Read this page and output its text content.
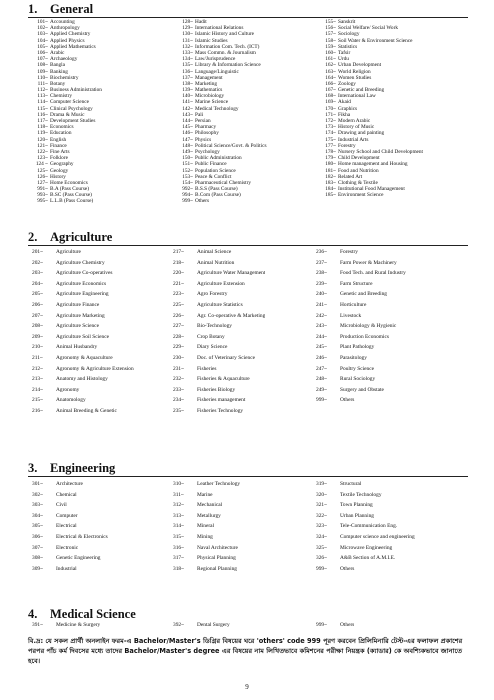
1. General
101~ Accounting
102~ Anthropology
103~ Applied Chemistry
104~ Applied Physics
105~ Applied Mathematics
106~ Arabic
107~ Archaeology
108~ Bangla
109~ Banking
110~ Biochemistry
111~ Botany
112~ Business Administration
113~ Chemistry
114~ Computer Science
115~ Clinical Psychology
116~ Drama & Music
117~ Development Studies
118~ Economics
119~ Education
120~ English
121~ Finance
122~ Fine Arts
123~ Folklore
124 ~ Geography
125~ Geology
126~ History
127~ Home Economics
991~ B.A (Pass Course)
993~ B.SC (Pass Course)
995~ L.L.B (Pass Course)
128~ Hadit
129~ International Relations
130~ Islamic History and Culture
131~ Islamic Studies
132~ Information Com. Tech. (ICT)
133~ Mass Commn. & Journalism
134~ Law/Jurisprudence
135~ Library & Information Science
136~ Language/Linguistic
137~ Management
138~ Marketing
139~ Mathematics
140~ Microbiology
141~ Marine Science
142~ Medical Technology
143~ Pali
144~ Persian
145~ Pharmacy
146~ Philosophy
147~ Physics
148~ Political Science/Govt. & Politics
149~ Psychology
150~ Public Administration
151~ Public Finance
152~ Population Science
153~ Peace & Conflict
154~ Pharmaceutical Chemistry
992~ B.S.S (Pass Course)
994~ B.Com (Pass Course)
999~ Others
155~ Sanskrit
156~ Social Welfare/ Social Work
157~ Sociology
158~ Soil Water & Environment Science
159~ Statistics
160~ Tafsir
161~ Urdu
162~ Urban Development
163~ World Religion
164~ Women Studies
166~ Zoology
167~ Genetic and Breeding
168~ International Law
169~ Akaid
170~ Graphics
171~ Fikha
172~ Modern Arabic
173~ History of Music
174~ Drawing and painting
175~ Industrial Arts
177~ Forestry
178~ Nursery School and Child Development
179~ Child Development
180~ Home management and Housing
181~ Food and Nutrition
182~ Related Art
183~ Clothing & Textile
184~ Institutional Food Management
185~ Environment Science
2. Agriculture
201~ Agriculture
202~ Agriculture Chemistry
203~ Agriculture Co-operatives
204~ Agriculture Economics
205~ Agriculture Engineering
206~ Agriculture Finance
207~ Agriculture Marketing
208~ Agriculture Science
209~ Agriculture Soil Science
210~ Animal Husbandry
211~ Agronomy & Aquaculture
212~ Agronomy & Agriculture Extension
213~ Anatomy and Histology
214~ Agronomy
215~ Anatomology
216~ Animal Breeding & Genetic
217~ Animal Science
218~ Animal Nutrition
220~ Agriculture Water Management
221~ Agriculture Extension
223~ Agro Forestry
225~ Agriculture Statistics
226~ Agr. Co-operative & Marketing
227~ Bio-Technology
228~ Crop Botany
229~ Diary Science
230~ Doc. of Veterinary Science
231~ Fisheries
232~ Fisheries & Aquaculture
233~ Fisheries Biology
234~ Fisheries management
235~ Fisheries Technology
236~ Forestry
237~ Farm Power & Machinery
238~ Food Tech. and Rural Industry
239~ Farm Structure
240~ Genetic and Breeding
241~ Horticulture
242~ Livestock
243~ Microbiology & Hygienic
244~ Production Economics
245~ Plant Pathology
246~ Parasitology
247~ Poultry Science
248~ Rural Sociology
249~ Surgery and Obstate
999~ Others
3. Engineering
301~ Architecture
302~ Chemical
303~ Civil
304~ Computer
305~ Electrical
306~ Electrical & Electronics
307~ Electronic
308~ Genetic Engineering
309~ Industrial
310~ Leather Technology
311~ Marine
312~ Mechanical
313~ Metallurgy
314~ Mineral
315~ Mining
316~ Naval Architecture
317~ Physical Planning
318~ Regional Planning
319~ Structural
320~ Textile Technology
321~ Town Planning
322~ Urban Planning
323~ Tele-Communication Eng.
324~ Computer science and engineering
325~ Microwave Engineering
326~ A&B Section of A.M.I.E.
999~ Others
4. Medical Science
391~ Medicine & Surgery	392~ Dental Surgery	999~ Others
বি.দ্র: যে সকল প্রার্থী অনলাইন ফরম-এ Bachelor/Master's ডিগ্রির বিষয়ের ঘরে 'others' code 999 পূরণ করবেন প্রিলিমিনারি টেস্ট-এর ফলাফল প্রকাশের পরপর পাঁচ কর্ম দিবসের মধ্যে তাদের Bachelor/Master's degree এর বিষয়ের নাম লিখিতভাবে কমিশনের পরীক্ষা নিয়ন্ত্রক (ক্যাডার) কে অবশ্যিকভাবে জানাতে হবে।
9
